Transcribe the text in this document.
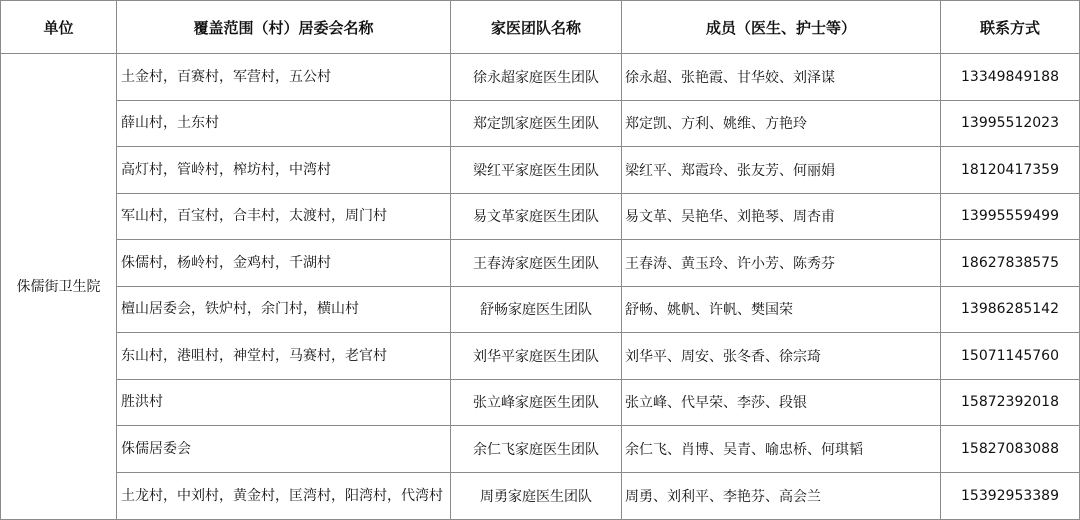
单位	覆盖范围（村）居委会名称	家医团队名称	成员（医生、护士等）	联系方式
侏儒街卫生院	土金村，百赛村，军营村，五公村	徐永超家庭医生团队	徐永超、张艳霞、甘华姣、刘泽谋	13349849188
	薛山村，土东村	郑定凯家庭医生团队	郑定凯、方利、姚维、方艳玲	13995512023
	高灯村，管岭村，榨坊村，中湾村	梁红平家庭医生团队	梁红平、郑霞玲、张友芳、何丽娟	18120417359
	军山村，百宝村，合丰村，太渡村，周门村	易文革家庭医生团队	易文革、吴艳华、刘艳琴、周杏甫	13995559499
	侏儒村，杨岭村，金鸡村，千湖村	王春涛家庭医生团队	王春涛、黄玉玲、许小芳、陈秀芬	18627838575
	檀山居委会，铁炉村，余门村，横山村	舒畅家庭医生团队	舒畅、姚帆、许帆、樊国荣	13986285142
	东山村，港咀村，神堂村，马赛村，老官村	刘华平家庭医生团队	刘华平、周安、张冬香、徐宗琦	15071145760
	胜洪村	张立峰家庭医生团队	张立峰、代早荣、李莎、段银	15872392018
	侏儒居委会	余仁飞家庭医生团队	余仁飞、肖博、吴青、喻忠桥、何琪韬	15827083088
	土龙村，中刘村，黄金村，匡湾村，阳湾村，代湾村	周勇家庭医生团队	周勇、刘利平、李艳芬、高会兰	15392953389
